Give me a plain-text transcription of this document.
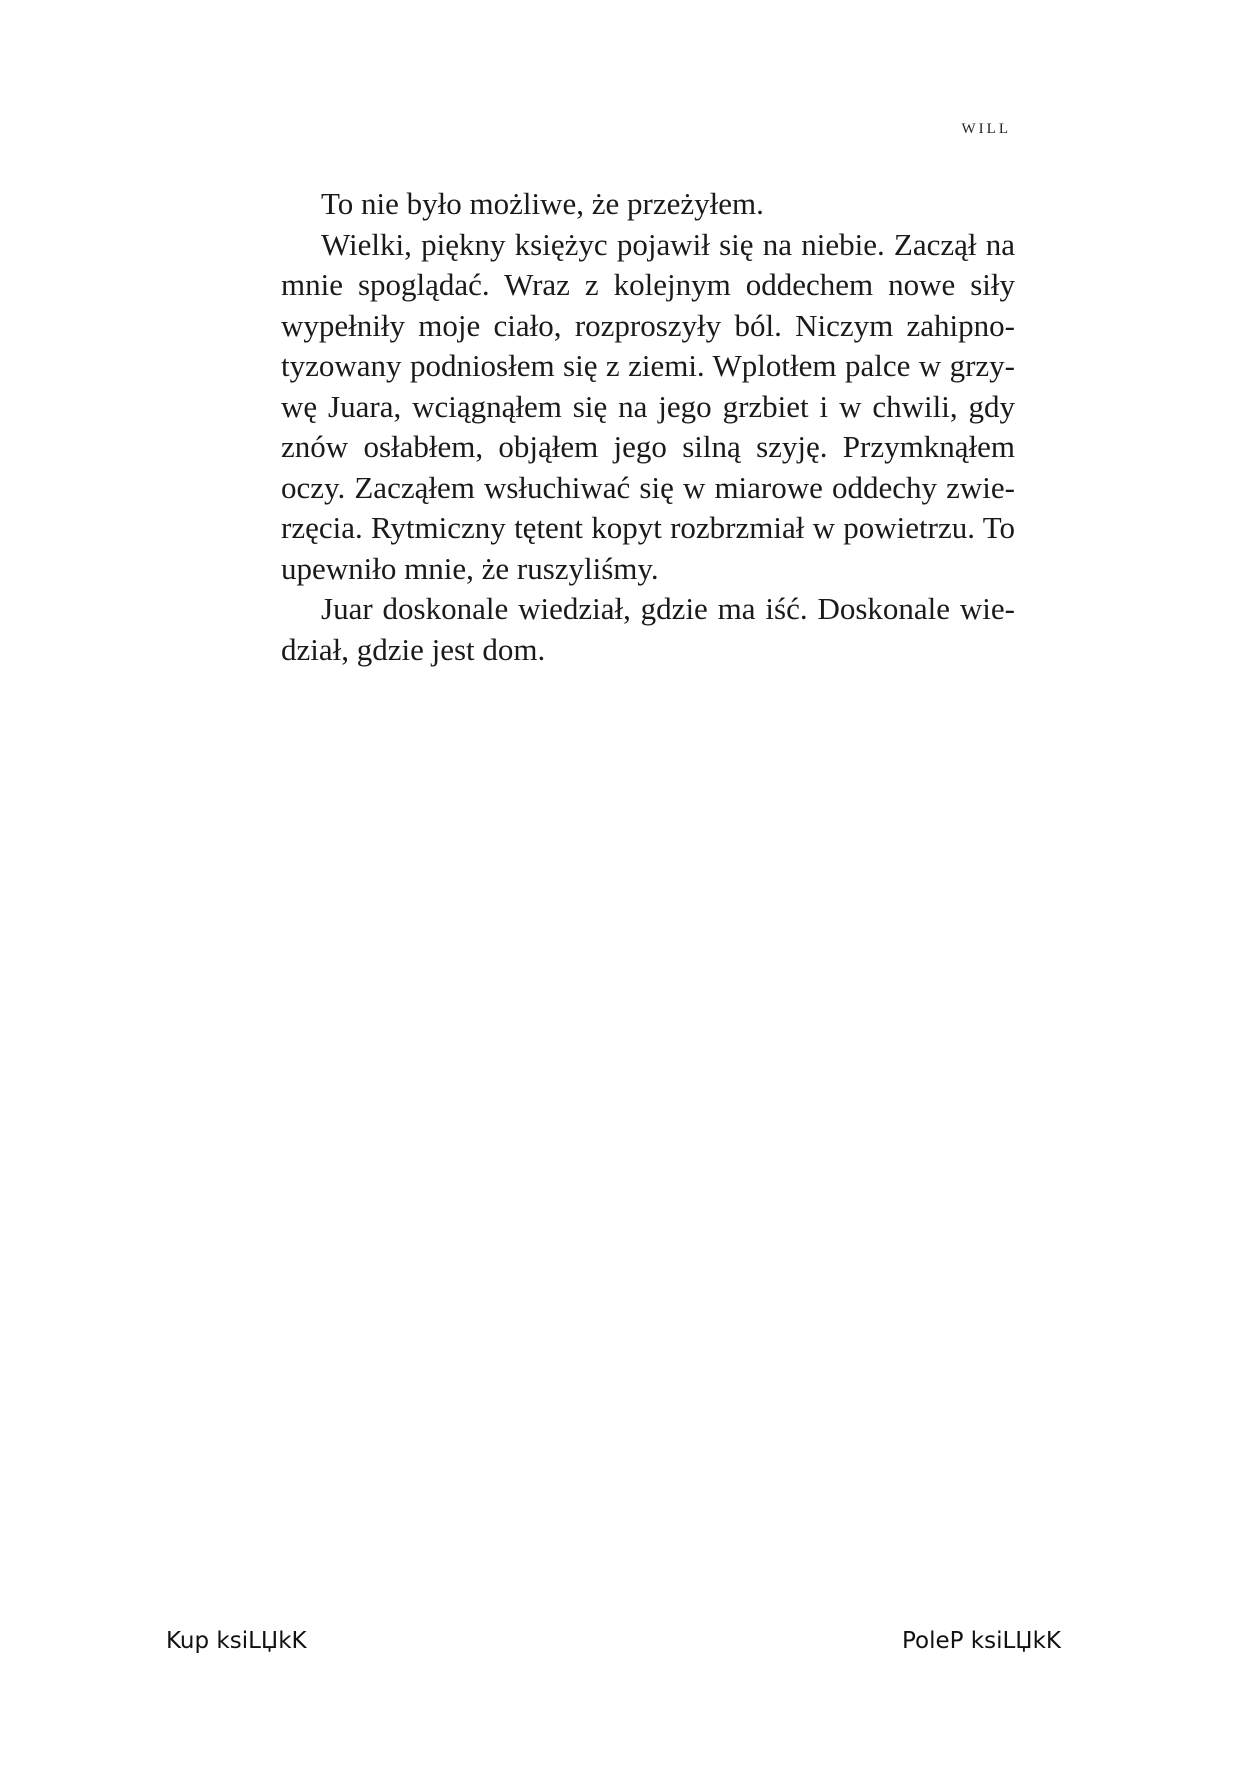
WILL

To nie było możliwe, że przeżyłem.

Wielki, piękny księżyc pojawił się na niebie. Zaczął na mnie spoglądać. Wraz z kolejnym oddechem nowe siły wypełniły moje ciało, rozproszyły ból. Niczym zahipnotyzowany podniosłem się z ziemi. Wplotłem palce w grzywę Juara, wciągnąłem się na jego grzbiet i w chwili, gdy znów osłabłem, objąłem jego silną szyję. Przymknąłem oczy. Zacząłem wsłuchiwać się w miarowe oddechy zwierzęcia. Rytmiczny tętent kopyt rozbrzmiał w powietrzu. To upewniło mnie, że ruszyliśmy.

Juar doskonale wiedział, gdzie ma iść. Doskonale wiedział, gdzie jest dom.

Kup ksiLЏkK	PoleP ksiLЏkK
